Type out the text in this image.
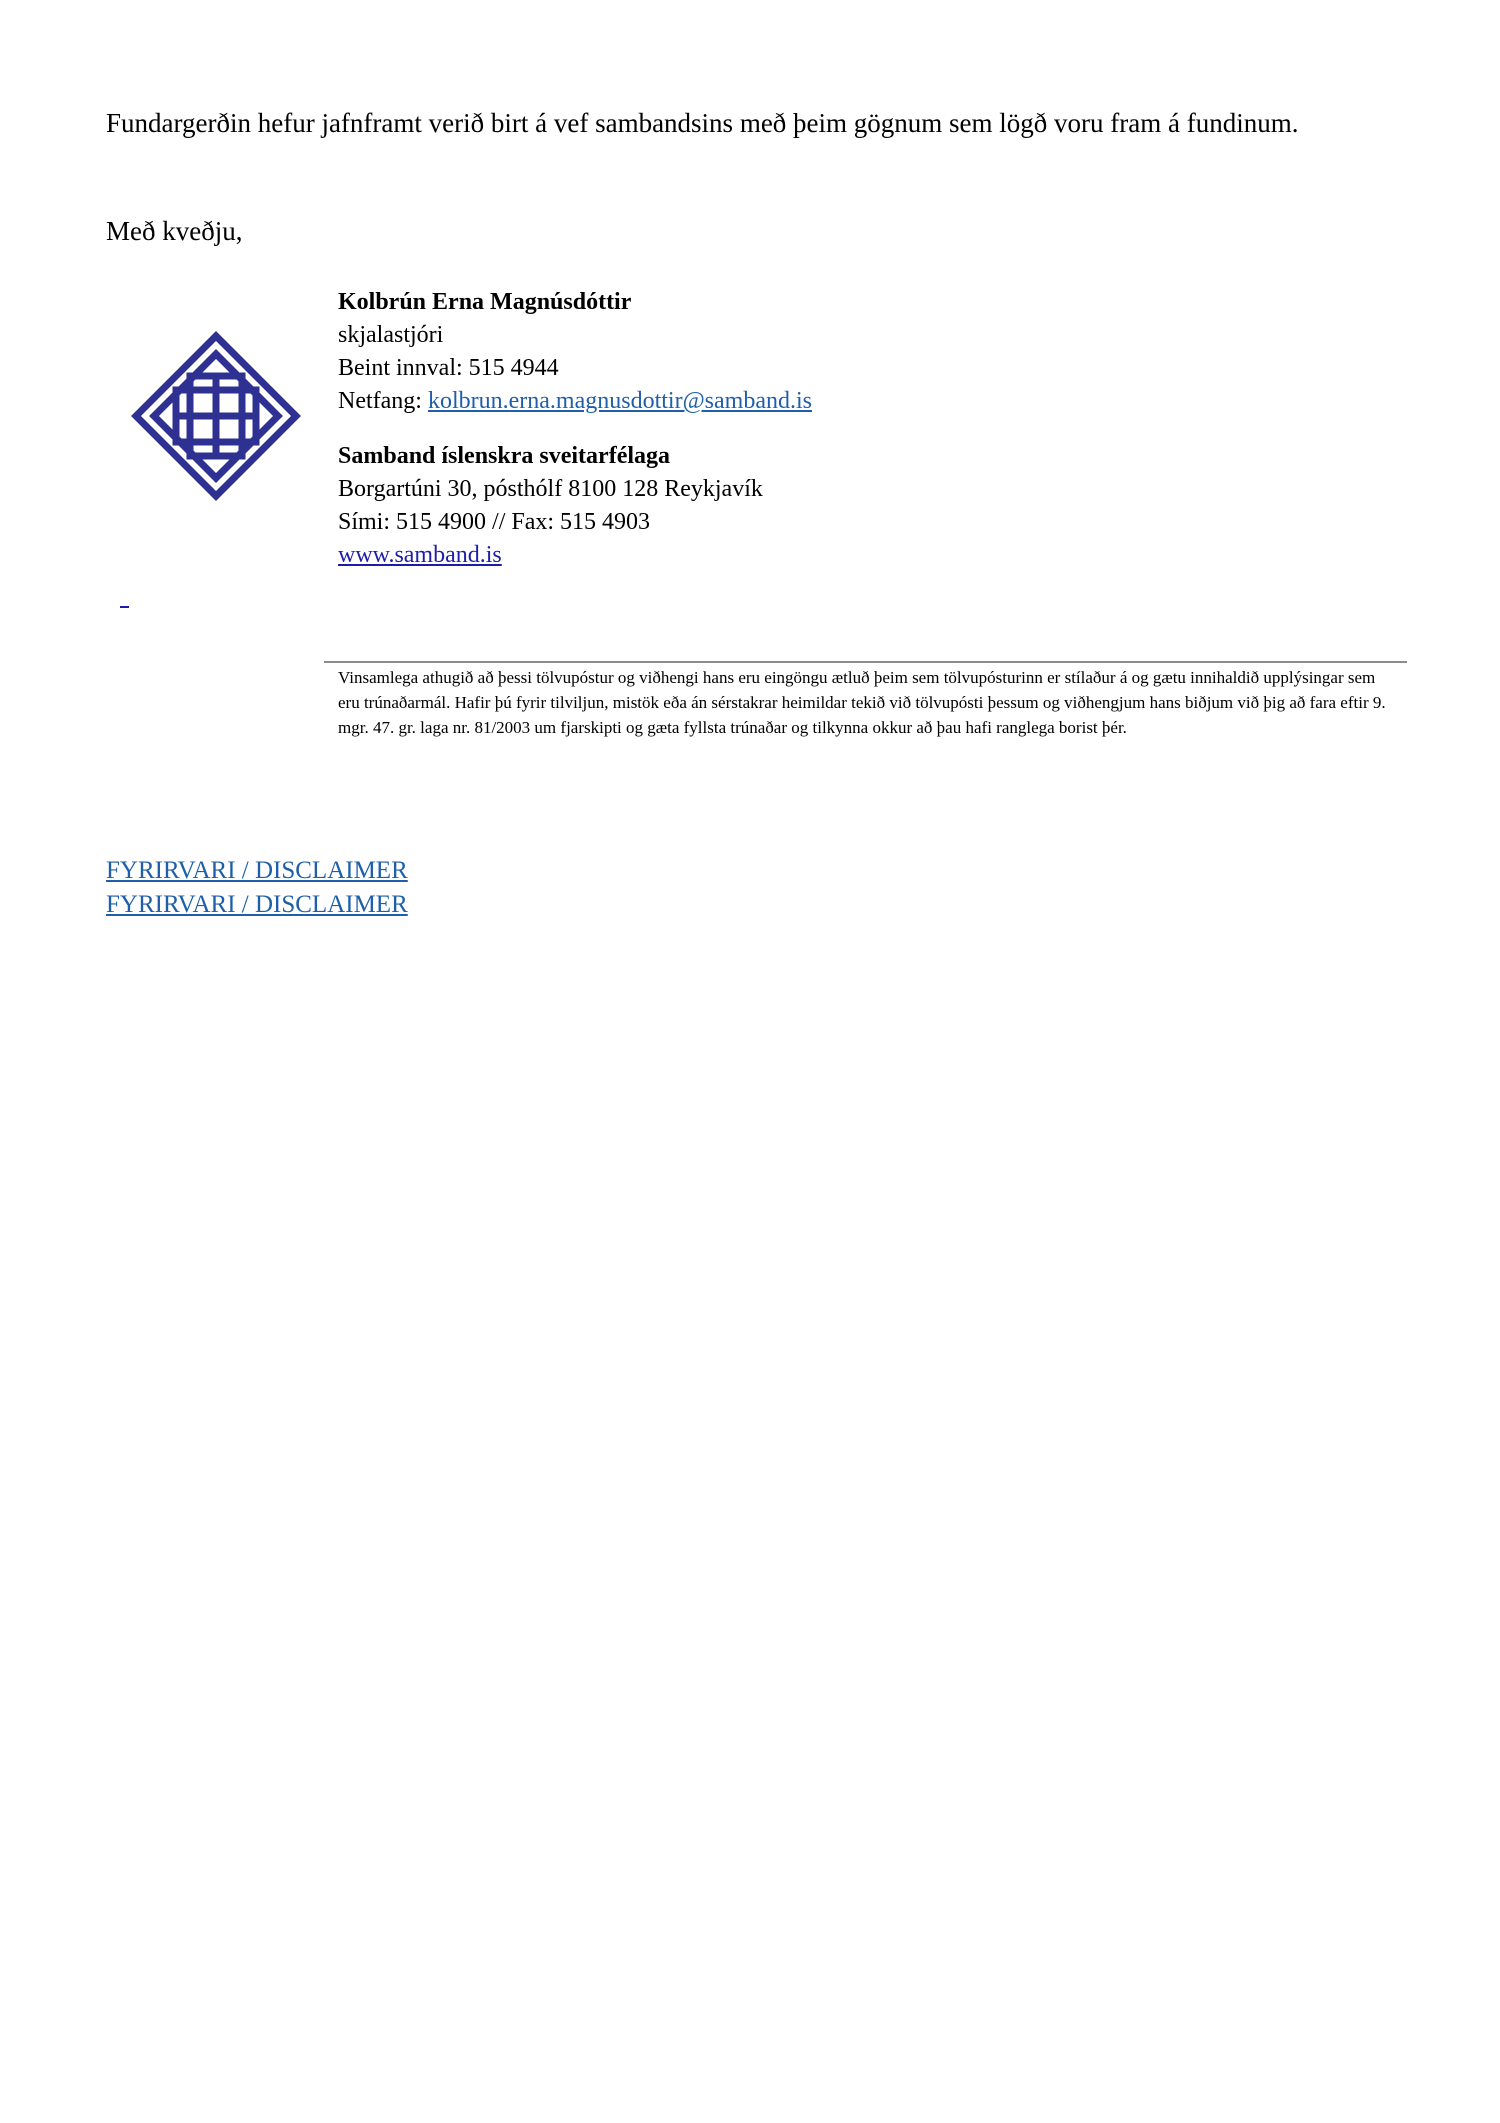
Fundargerðin hefur jafnframt verið birt á vef sambandsins með þeim gögnum sem lögð voru fram á fundinum.
Með kveðju,
Kolbrún Erna Magnúsdóttir
skjalastjóri
Beint innval: 515 4944
Netfang: kolbrun.erna.magnusdottir@samband.is
Samband íslenskra sveitarfélaga
Borgartúni 30, pósthólf 8100 128 Reykjavík
Sími: 515 4900 // Fax: 515 4903
www.samband.is
Vinsamlega athugið að þessi tölvupóstur og viðhengi hans eru eingöngu ætluð þeim sem tölvupósturinn er stílaður á og gætu innihaldið upplýsingar sem eru trúnaðarmál. Hafir þú fyrir tilviljun, mistök eða án sérstakrar heimildar tekið við tölvupósti þessum og viðhengjum hans biðjum við þig að fara eftir 9. mgr. 47. gr. laga nr. 81/2003 um fjarskipti og gæta fyllsta trúnaðar og tilkynna okkur að þau hafi ranglega borist þér.
FYRIRVARI / DISCLAIMER
FYRIRVARI / DISCLAIMER
